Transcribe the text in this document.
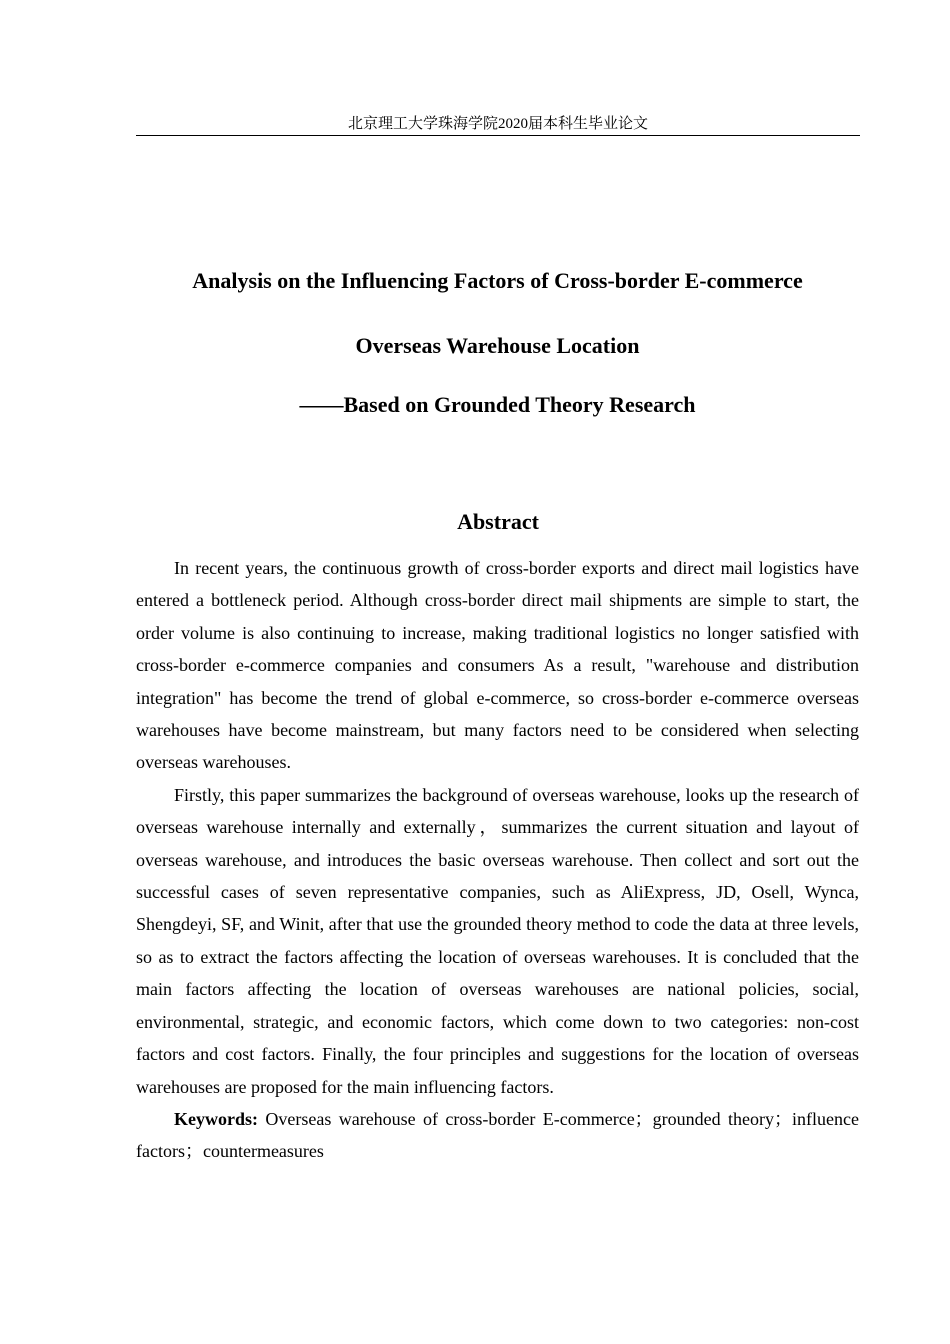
北京理工大学珠海学院2020届本科生毕业论文
Analysis on the Influencing Factors of Cross-border E-commerce
Overseas Warehouse Location
——Based on Grounded Theory Research
Abstract

In recent years, the continuous growth of cross-border exports and direct mail logistics have entered a bottleneck period. Although cross-border direct mail shipments are simple to start, the order volume is also continuing to increase, making traditional logistics no longer satisfied with cross-border e-commerce companies and consumers As a result, "warehouse and distribution integration" has become the trend of global e-commerce, so cross-border e-commerce overseas warehouses have become mainstream, but many factors need to be considered when selecting overseas warehouses.

Firstly, this paper summarizes the background of overseas warehouse, looks up the research of overseas warehouse internally and externally，summarizes the current situation and layout of overseas warehouse, and introduces the basic overseas warehouse. Then collect and sort out the successful cases of seven representative companies, such as AliExpress, JD, Osell, Wynca, Shengdeyi, SF, and Winit, after that use the grounded theory method to code the data at three levels, so as to extract the factors affecting the location of overseas warehouses. It is concluded that the main factors affecting the location of overseas warehouses are national policies, social, environmental, strategic, and economic factors, which come down to two categories: non-cost factors and cost factors. Finally, the four principles and suggestions for the location of overseas warehouses are proposed for the main influencing factors.

Keywords: Overseas warehouse of cross-border E-commerce；grounded theory；influence factors；countermeasures
